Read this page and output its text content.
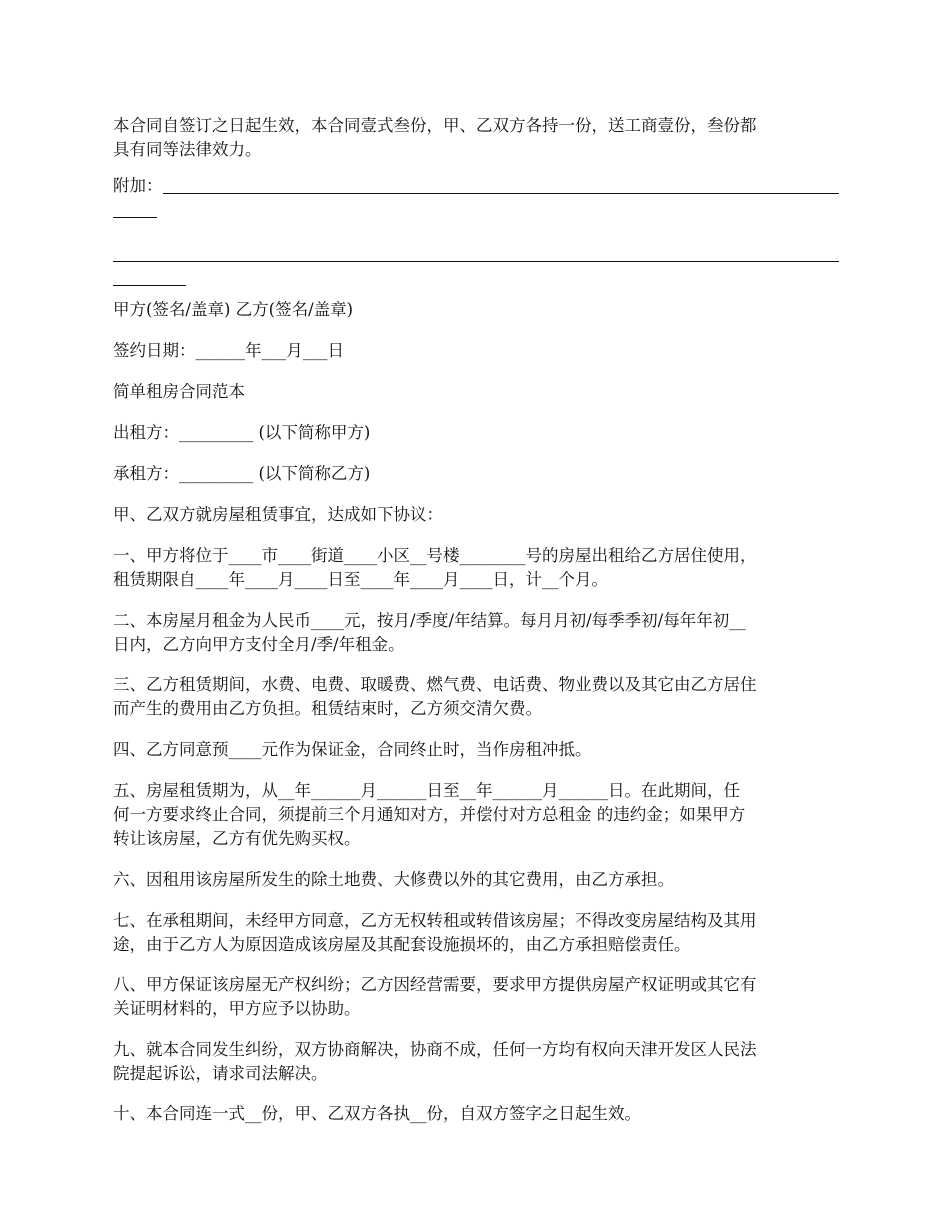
本合同自签订之日起生效，本合同壹式叁份，甲、乙双方各持一份，送工商壹份，叁份都
具有同等法律效力。

附加：

甲方(签名/盖章) 乙方(签名/盖章)

签约日期：______年___月___日

简单租房合同范本

出租方：_________ (以下简称甲方)

承租方：_________ (以下简称乙方)

甲、乙双方就房屋租赁事宜，达成如下协议：

一、甲方将位于____市____街道____小区__号楼________号的房屋出租给乙方居住使用，
租赁期限自____年____月____日至____年____月____日，计__个月。

二、本房屋月租金为人民币____元，按月/季度/年结算。每月月初/每季季初/每年年初__
日内，乙方向甲方支付全月/季/年租金。

三、乙方租赁期间，水费、电费、取暖费、燃气费、电话费、物业费以及其它由乙方居住
而产生的费用由乙方负担。租赁结束时，乙方须交清欠费。

四、乙方同意预____元作为保证金，合同终止时，当作房租冲抵。

五、房屋租赁期为，从__年______月______日至__年______月______日。在此期间，任
何一方要求终止合同，须提前三个月通知对方，并偿付对方总租金 的违约金；如果甲方
转让该房屋，乙方有优先购买权。

六、因租用该房屋所发生的除土地费、大修费以外的其它费用，由乙方承担。

七、在承租期间，未经甲方同意，乙方无权转租或转借该房屋；不得改变房屋结构及其用
途，由于乙方人为原因造成该房屋及其配套设施损坏的，由乙方承担赔偿责任。

八、甲方保证该房屋无产权纠纷；乙方因经营需要，要求甲方提供房屋产权证明或其它有
关证明材料的，甲方应予以协助。

九、就本合同发生纠纷，双方协商解决，协商不成，任何一方均有权向天津开发区人民法
院提起诉讼，请求司法解决。

十、本合同连一式__份，甲、乙双方各执__份，自双方签字之日起生效。
